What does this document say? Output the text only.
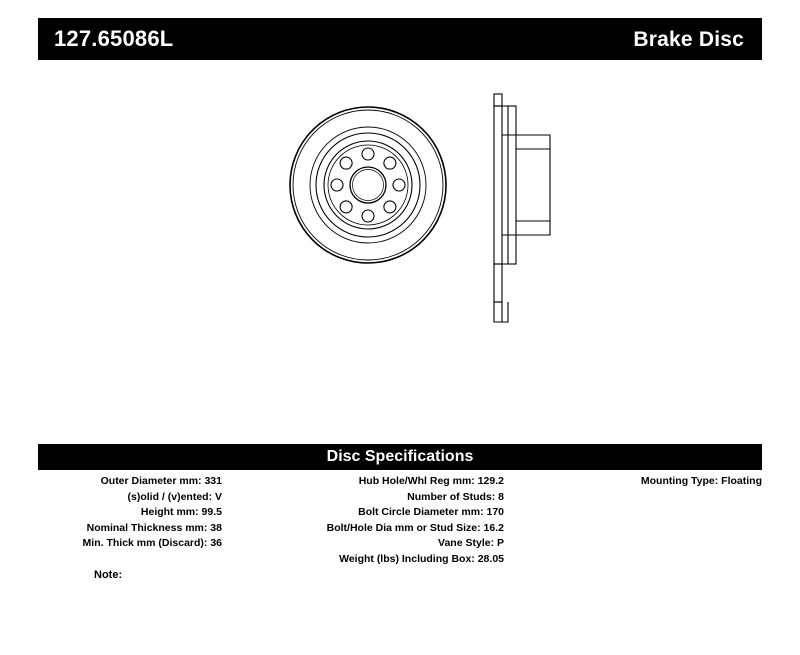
127.65086L	Brake Disc
Disc Specifications
Outer Diameter mm: 331
(s)olid / (v)ented: V
Height mm: 99.5
Nominal Thickness mm: 38
Min. Thick mm (Discard): 36
Hub Hole/Whl Reg mm: 129.2
Number of Studs: 8
Bolt Circle Diameter mm: 170
Bolt/Hole Dia mm or Stud Size: 16.2
Vane Style: P
Weight (lbs) Including Box: 28.05
Mounting Type: Floating
Note:
